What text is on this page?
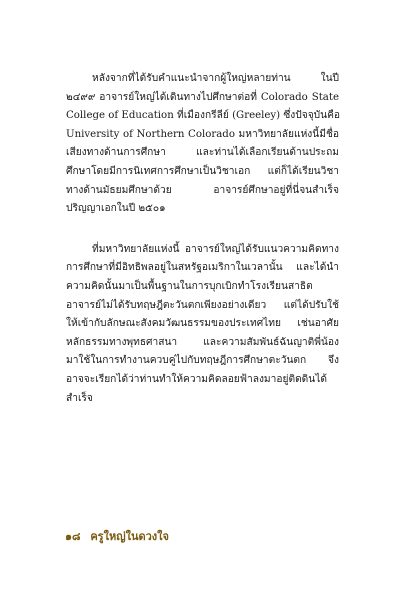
หลังจากที่ได้รับคำแนะนำจากผู้ใหญ่หลายท่าน ในปี
๒๔๙๙ อาจารย์ใหญ่ได้เดินทางไปศึกษาต่อที่ Colorado State
College of Education ที่เมืองกรีลีย์ (Greeley) ซึ่งปัจจุบันคือ
University of Northern Colorado มหาวิทยาลัยแห่งนี้มีชื่อ
เสียงทางด้านการศึกษา และท่านได้เลือกเรียนด้านประถม
ศึกษาโดยมีการนิเทศการศึกษาเป็นวิชาเอก แต่ก็ได้เรียนวิชา
ทางด้านมัธยมศึกษาด้วย อาจารย์ศึกษาอยู่ที่นี่จนสำเร็จ
ปริญญาเอกในปี ๒๕๐๑
ที่มหาวิทยาลัยแห่งนี้ อาจารย์ใหญ่ได้รับแนวความคิดทาง
การศึกษาที่มีอิทธิพลอยู่ในสหรัฐอเมริกาในเวลานั้น และได้นำ
ความคิดนั้นมาเป็นพื้นฐานในการบุกเบิกทำโรงเรียนสาธิต
อาจารย์ไม่ได้รับทฤษฎีตะวันตกเพียงอย่างเดียว แต่ได้ปรับใช้
ให้เข้ากับลักษณะสังคมวัฒนธรรมของประเทศไทย เช่นอาศัย
หลักธรรมทางพุทธศาสนา และความสัมพันธ์ฉันญาติพี่น้อง
มาใช้ในการทำงานควบคู่ไปกับทฤษฎีการศึกษาตะวันตก จึง
อาจจะเรียกได้ว่าท่านทำให้ความคิดลอยฟ้าลงมาอยู่ติดดินได้
สำเร็จ
๑๘ ครูใหญ่ในดวงใจ
